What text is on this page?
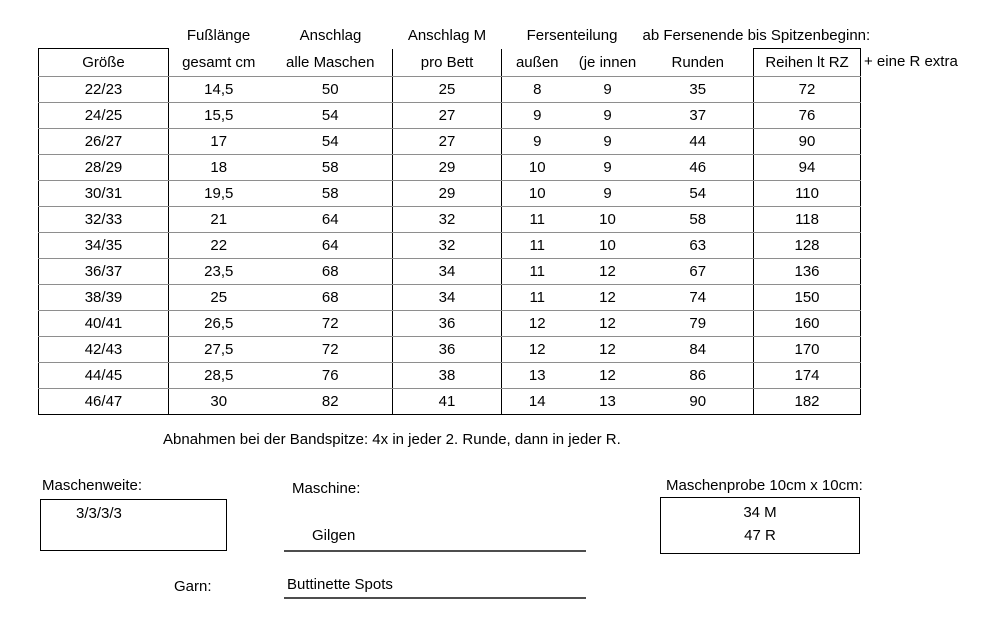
	Fußlänge	Anschlag	Anschlag M	Fersenteilung		ab Fersenende bis Spitzenbeginn:	
Größe	gesamt cm	alle Maschen	pro Bett	außen	(je innen	Runden	Reihen lt RZ
22/23	14,5	50	25	8	9	35	72
24/25	15,5	54	27	9	9	37	76
26/27	17	54	27	9	9	44	90
28/29	18	58	29	10	9	46	94
30/31	19,5	58	29	10	9	54	110
32/33	21	64	32	11	10	58	118
34/35	22	64	32	11	10	63	128
36/37	23,5	68	34	11	12	67	136
38/39	25	68	34	11	12	74	150
40/41	26,5	72	36	12	12	79	160
42/43	27,5	72	36	12	12	84	170
44/45	28,5	76	38	13	12	86	174
46/47	30	82	41	14	13	90	182
+ eine R extra
Abnahmen bei der Bandspitze: 4x in jeder 2. Runde, dann in jeder R.
Maschenweite:
3/3/3/3
Maschine:
Gilgen
Maschenprobe 10cm x 10cm:
34 M
47 R
Garn:	Buttinette Spots
